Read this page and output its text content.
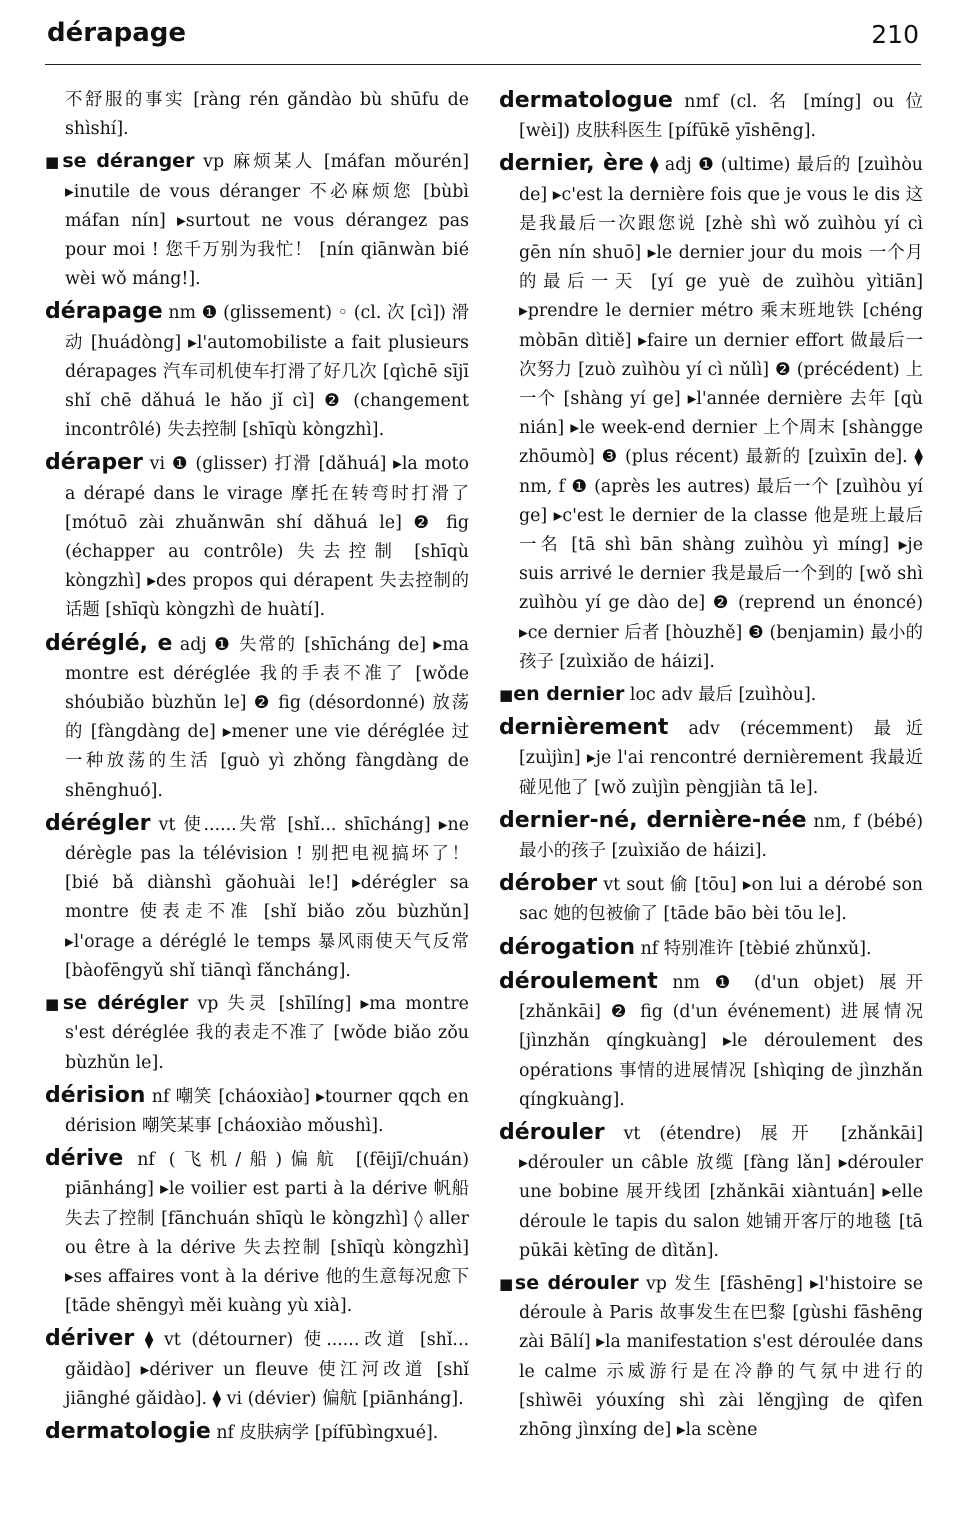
dérapage	210

不舒服的事实 [ràng rén gǎndào bù shūfu de shìshí].

■se déranger vp 麻烦某人 [máfan mǒurén] ▸inutile de vous déranger 不必麻烦您 [bùbì máfan nín] ▸surtout ne vous dérangez pas pour moi ! 您千万别为我忙！ [nín qiānwàn bié wèi wǒ máng!].

dérapage nm ❶ (glissement) ◦ (cl. 次 [cì]) 滑动 [huádòng] ▸l'automobiliste a fait plusieurs dérapages 汽车司机使车打滑了好几次 [qìchē sījī shǐ chē dǎhuá le hǎo jǐ cì] ❷ (changement incontrôlé) 失去控制 [shīqù kòngzhì].

déraper vi ❶ (glisser) 打滑 [dǎhuá] ▸la moto a dérapé dans le virage 摩托在转弯时打滑了 [mótuō zài zhuǎnwān shí dǎhuá le] ❷ fig (échapper au contrôle) 失去控制 [shīqù kòngzhì] ▸des propos qui dérapent 失去控制的话题 [shīqù kòngzhì de huàtí].

déréglé, e adj ❶ 失常的 [shīcháng de] ▸ma montre est déréglée 我的手表不准了 [wǒde shóubiǎo bùzhǔn le] ❷ fig (désordonné) 放荡的 [fàngdàng de] ▸mener une vie déréglée 过一种放荡的生活 [guò yì zhǒng fàngdàng de shēnghuó].

dérégler vt 使......失常 [shǐ... shīcháng] ▸ne dérègle pas la télévision ! 别把电视搞坏了！ [bié bǎ diànshì gǎohuài le!] ▸dérégler sa montre 使表走不准 [shǐ biǎo zǒu bùzhǔn] ▸l'orage a déréglé le temps 暴风雨使天气反常 [bàofēngyǔ shǐ tiānqì fǎncháng].

■se dérégler vp 失灵 [shīlíng] ▸ma montre s'est déréglée 我的表走不准了 [wǒde biǎo zǒu bùzhǔn le].

dérision nf 嘲笑 [cháoxiào] ▸tourner qqch en dérision 嘲笑某事 [cháoxiào mǒushì].

dérive nf (飞机/船)偏航 [(fēijī/chuán) piānháng] ▸le voilier est parti à la dérive 帆船失去了控制 [fānchuán shīqù le kòngzhì] ◊ aller ou être à la dérive 失去控制 [shīqù kòngzhì] ▸ses affaires vont à la dérive 他的生意每况愈下 [tāde shēngyì měi kuàng yù xià].

dériver ⧫ vt (détourner) 使......改道 [shǐ... gǎidào] ▸dériver un fleuve 使江河改道 [shǐ jiānghé gǎidào]. ⧫ vi (dévier) 偏航 [piānháng].

dermatologie nf 皮肤病学 [pífūbìngxué].

dermatologue nmf (cl. 名 [míng] ou 位 [wèi]) 皮肤科医生 [pífūkē yīshēng].

dernier, ère ⧫ adj ❶ (ultime) 最后的 [zuìhòu de] ▸c'est la dernière fois que je vous le dis 这是我最后一次跟您说 [zhè shì wǒ zuìhòu yí cì gēn nín shuō] ▸le dernier jour du mois 一个月的最后一天 [yí ge yuè de zuìhòu yìtiān] ▸prendre le dernier métro 乘末班地铁 [chéng mòbān dìtiě] ▸faire un dernier effort 做最后一次努力 [zuò zuìhòu yí cì nǔlì] ❷ (précédent) 上一个 [shàng yí ge] ▸l'année dernière 去年 [qù nián] ▸le week-end dernier 上个周末 [shàngge zhōumò] ❸ (plus récent) 最新的 [zuìxīn de]. ⧫ nm, f ❶ (après les autres) 最后一个 [zuìhòu yí ge] ▸c'est le dernier de la classe 他是班上最后一名 [tā shì bān shàng zuìhòu yì míng] ▸je suis arrivé le dernier 我是最后一个到的 [wǒ shì zuìhòu yí ge dào de] ❷ (reprend un énoncé) ▸ce dernier 后者 [hòuzhě] ❸ (benjamin) 最小的孩子 [zuìxiǎo de háizi].

■en dernier loc adv 最后 [zuìhòu].

dernièrement adv (récemment) 最近 [zuìjìn] ▸je l'ai rencontré dernièrement 我最近碰见他了 [wǒ zuìjìn pèngjiàn tā le].

dernier-né, dernière-née nm, f (bébé) 最小的孩子 [zuìxiǎo de háizi].

dérober vt sout 偷 [tōu] ▸on lui a dérobé son sac 她的包被偷了 [tāde bāo bèi tōu le].

dérogation nf 特别准许 [tèbié zhǔnxǔ].

déroulement nm ❶ (d'un objet) 展开 [zhǎnkāi] ❷ fig (d'un événement) 进展情况 [jìnzhǎn qíngkuàng] ▸le déroulement des opérations 事情的进展情况 [shìqing de jìnzhǎn qíngkuàng].

dérouler vt (étendre) 展开 [zhǎnkāi] ▸dérouler un câble 放缆 [fàng lǎn] ▸dérouler une bobine 展开线团 [zhǎnkāi xiàntuán] ▸elle déroule le tapis du salon 她铺开客厅的地毯 [tā pūkāi kètīng de dìtǎn].

■se dérouler vp 发生 [fāshēng] ▸l'histoire se déroule à Paris 故事发生在巴黎 [gùshi fāshēng zài Bālí] ▸la manifestation s'est déroulée dans le calme 示威游行是在冷静的气氛中进行的 [shìwēi yóuxíng shì zài lěngjìng de qìfen zhōng jìnxíng de] ▸la scène
